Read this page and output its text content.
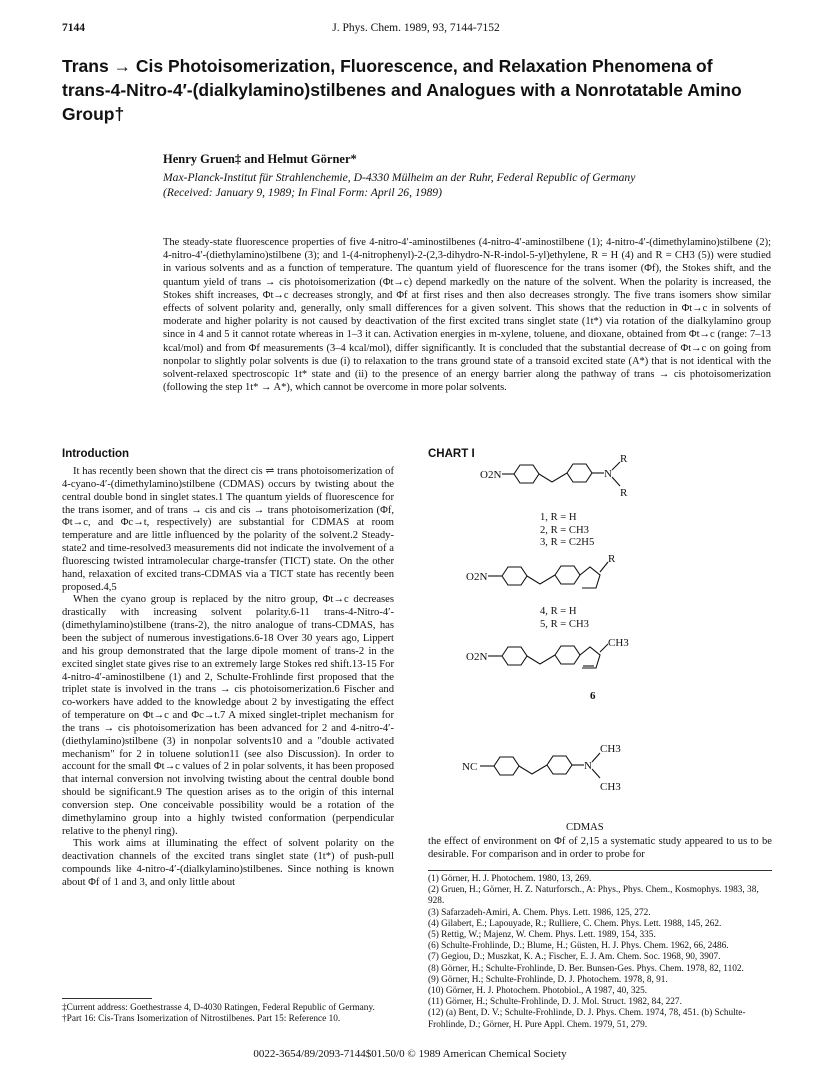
7144	J. Phys. Chem. 1989, 93, 7144-7152
Trans → Cis Photoisomerization, Fluorescence, and Relaxation Phenomena of trans-4-Nitro-4′-(dialkylamino)stilbenes and Analogues with a Nonrotatable Amino Group†
Henry Gruen‡ and Helmut Görner*
Max-Planck-Institut für Strahlenchemie, D-4330 Mülheim an der Ruhr, Federal Republic of Germany
(Received: January 9, 1989; In Final Form: April 26, 1989)

The steady-state fluorescence properties of five 4-nitro-4′-aminostilbenes (4-nitro-4′-aminostilbene (1); 4-nitro-4′-(dimethylamino)stilbene (2); 4-nitro-4′-(diethylamino)stilbene (3); and 1-(4-nitrophenyl)-2-(2,3-dihydro-N-R-indol-5-yl)ethylene, R = H (4) and R = CH3 (5)) were studied in various solvents and as a function of temperature. The quantum yield of fluorescence for the trans isomer (Φf), the Stokes shift, and the quantum yield of trans → cis photoisomerization (Φt→c) depend markedly on the nature of the solvent. When the polarity is increased, the Stokes shift increases, Φt→c decreases strongly, and Φf at first rises and then also decreases strongly. The five trans isomers show similar effects of solvent polarity and, generally, only small differences for a given solvent. This shows that the reduction in Φt→c in solvents of moderate and higher polarity is not caused by deactivation of the first excited trans singlet state (1t*) via rotation of the dialkylamino group since in 4 and 5 it cannot rotate whereas in 1–3 it can. Activation energies in m-xylene, toluene, and dioxane, obtained from Φt→c (range: 7–13 kcal/mol) and from Φf measurements (3–4 kcal/mol), differ significantly. It is concluded that the substantial decrease of Φt→c on going from nonpolar to slightly polar solvents is due (i) to relaxation to the trans ground state of a transoid excited state (A*) that is not identical with the solvent-relaxed spectroscopic 1t* state and (ii) to the presence of an energy barrier along the pathway of trans → cis photoisomerization (following the step 1t* → A*), which cannot be overcome in more polar solvents.

Introduction

It has recently been shown that the direct cis ⇌ trans photoisomerization of 4-cyano-4′-(dimethylamino)stilbene (CDMAS) occurs by twisting about the central double bond in singlet states.1 The quantum yields of fluorescence for the trans isomer, and of trans → cis and cis → trans photoisomerization (Φf, Φt→c, and Φc→t, respectively) are substantial for CDMAS at room temperature and are little influenced by the polarity of the solvent.2 Steady-state2 and time-resolved3 measurements did not indicate the involvement of a fluorescing twisted intramolecular charge-transfer (TICT) state. On the other hand, relaxation of excited trans-CDMAS via a TICT state has recently been proposed.4,5

When the cyano group is replaced by the nitro group, Φt→c decreases drastically with increasing solvent polarity.6-11 trans-4-Nitro-4′-(dimethylamino)stilbene (trans-2), the nitro analogue of trans-CDMAS, has been the subject of numerous investigations.6-18 Over 30 years ago, Lippert and his group demonstrated that the large dipole moment of trans-2 in the excited singlet state gives rise to an extremely large Stokes red shift.13-15 For 4-nitro-4′-aminostilbene (1) and 2, Schulte-Frohlinde first proposed that the triplet state is involved in the trans → cis photoisomerization.6 Fischer and co-workers have added to the knowledge about 2 by investigating the effect of temperature on Φt→c and Φc→t.7 A mixed singlet-triplet mechanism for the trans → cis photoisomerization has been advanced for 2 and 4-nitro-4′-(diethylamino)stilbene (3) in nonpolar solvents10 and a "double activated mechanism" for 2 in toluene solution11 (see also Discussion). In order to account for the small Φt→c values of 2 in polar solvents, it has been proposed that internal conversion not involving twisting about the central double bond should be significant.9 The question arises as to the origin of this internal conversion step. One conceivable possibility would be a rotation of the dimethylamino group into a highly twisted conformation (perpendicular relative to the phenyl ring).

This work aims at illuminating the effect of solvent polarity on the deactivation channels of the excited trans singlet state (1t*) of push-pull compounds like 4-nitro-4′-(dialkylamino)stilbenes. Since nothing is known about Φf of 1 and 3, and only little about

‡Current address: Goethestrasse 4, D-4030 Ratingen, Federal Republic of Germany.
†Part 16: Cis-Trans Isomerization of Nitrostilbenes. Part 15: Reference 10.
CHART I
O2N	N
R
R
O2N
R
O2N
CH3
NC	N
CH3
CH3
1, R = H
2, R = CH3
3, R = C2H5
4, R = H
5, R = CH3
6
CDMAS

the effect of environment on Φf of 2,15 a systematic study appeared to us to be desirable. For comparison and in order to probe for

(1) Görner, H. J. Photochem. 1980, 13, 269.
(2) Gruen, H.; Görner, H. Z. Naturforsch., A: Phys., Phys. Chem., Kosmophys. 1983, 38, 928.
(3) Safarzadeh-Amiri, A. Chem. Phys. Lett. 1986, 125, 272.
(4) Gilabert, E.; Lapouyade, R.; Rulliere, C. Chem. Phys. Lett. 1988, 145, 262.
(5) Rettig, W.; Majenz, W. Chem. Phys. Lett. 1989, 154, 335.
(6) Schulte-Frohlinde, D.; Blume, H.; Güsten, H. J. Phys. Chem. 1962, 66, 2486.
(7) Gegiou, D.; Muszkat, K. A.; Fischer, E. J. Am. Chem. Soc. 1968, 90, 3907.
(8) Görner, H.; Schulte-Frohlinde, D. Ber. Bunsen-Ges. Phys. Chem. 1978, 82, 1102.
(9) Görner, H.; Schulte-Frohlinde, D. J. Photochem. 1978, 8, 91.
(10) Görner, H. J. Photochem. Photobiol., A 1987, 40, 325.
(11) Görner, H.; Schulte-Frohlinde, D. J. Mol. Struct. 1982, 84, 227.
(12) (a) Bent, D. V.; Schulte-Frohlinde, D. J. Phys. Chem. 1974, 78, 451. (b) Schulte-Frohlinde, D.; Görner, H. Pure Appl. Chem. 1979, 51, 279.
0022-3654/89/2093-7144$01.50/0 © 1989 American Chemical Society
